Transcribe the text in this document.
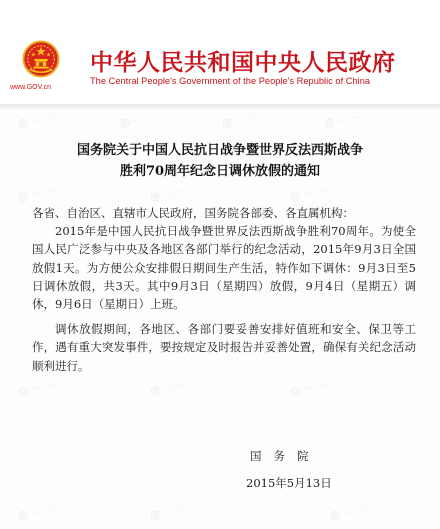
中华人民共和国中央人民政府
The Central People's Government of the People's Republic of China
www.GOV.cn
◎ ··· ···	◎ ··· ···	◎ ··· ···	◎ ··· ···
◎ ··· ···	◎ ··· ···	◎ ··· ···
◎ ··· ···	◎ ··· ···	◎ ··· ···
◎ ··· ···	◎ ··· ···	◎ ··· ···
国务院关于中国人民抗日战争暨世界反法西斯战争
胜利70周年纪念日调休放假的通知
各省、自治区、直辖市人民政府，国务院各部委、各直属机构：

2015年是中国人民抗日战争暨世界反法西斯战争胜利70周年。为使全国人民广泛参与中央及各地区各部门举行的纪念活动，2015年9月3日全国放假1天。为方便公众安排假日期间生产生活，特作如下调休：9月3日至5日调休放假，共3天。其中9月3日（星期四）放假，9月4日（星期五）调休，9月6日（星期日）上班。

调休放假期间，各地区、各部门要妥善安排好值班和安全、保卫等工作，遇有重大突发事件，要按规定及时报告并妥善处置，确保有关纪念活动顺利进行。

国务院
2015年5月13日
